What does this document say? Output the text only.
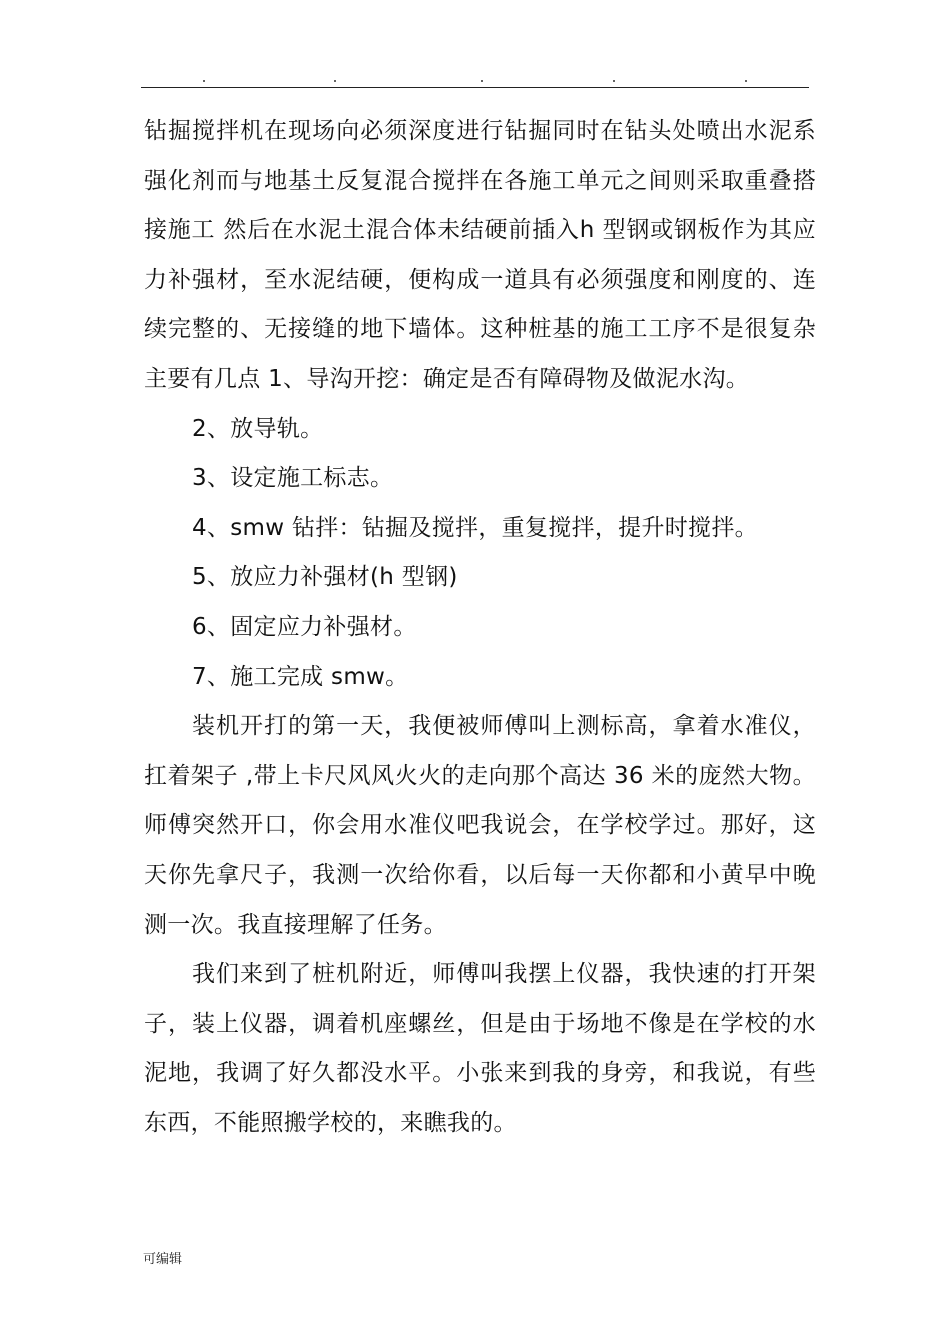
钻掘搅拌机在现场向必须深度进行钻掘同时在钻头处喷出水泥系强化剂而与地基土反复混合搅拌在各施工单元之间则采取重叠搭接施工 然后在水泥土混合体未结硬前插入h 型钢或钢板作为其应力补强材，至水泥结硬，便构成一道具有必须强度和刚度的、连续完整的、无接缝的地下墙体。这种桩基的施工工序不是很复杂主要有几点 1、导沟开挖：确定是否有障碍物及做泥水沟。

2、放导轨。

3、设定施工标志。

4、smw 钻拌：钻掘及搅拌，重复搅拌，提升时搅拌。

5、放应力补强材(h 型钢)

6、固定应力补强材。

7、施工完成 smw。

装机开打的第一天，我便被师傅叫上测标高，拿着水准仪，扛着架子 ,带上卡尺风风火火的走向那个高达 36 米的庞然大物。师傅突然开口，你会用水准仪吧我说会，在学校学过。那好，这天你先拿尺子，我测一次给你看，以后每一天你都和小黄早中晚测一次。我直接理解了任务。

我们来到了桩机附近，师傅叫我摆上仪器，我快速的打开架子，装上仪器，调着机座螺丝，但是由于场地不像是在学校的水泥地，我调了好久都没水平。小张来到我的身旁，和我说，有些东西，不能照搬学校的，来瞧我的。

可编辑
